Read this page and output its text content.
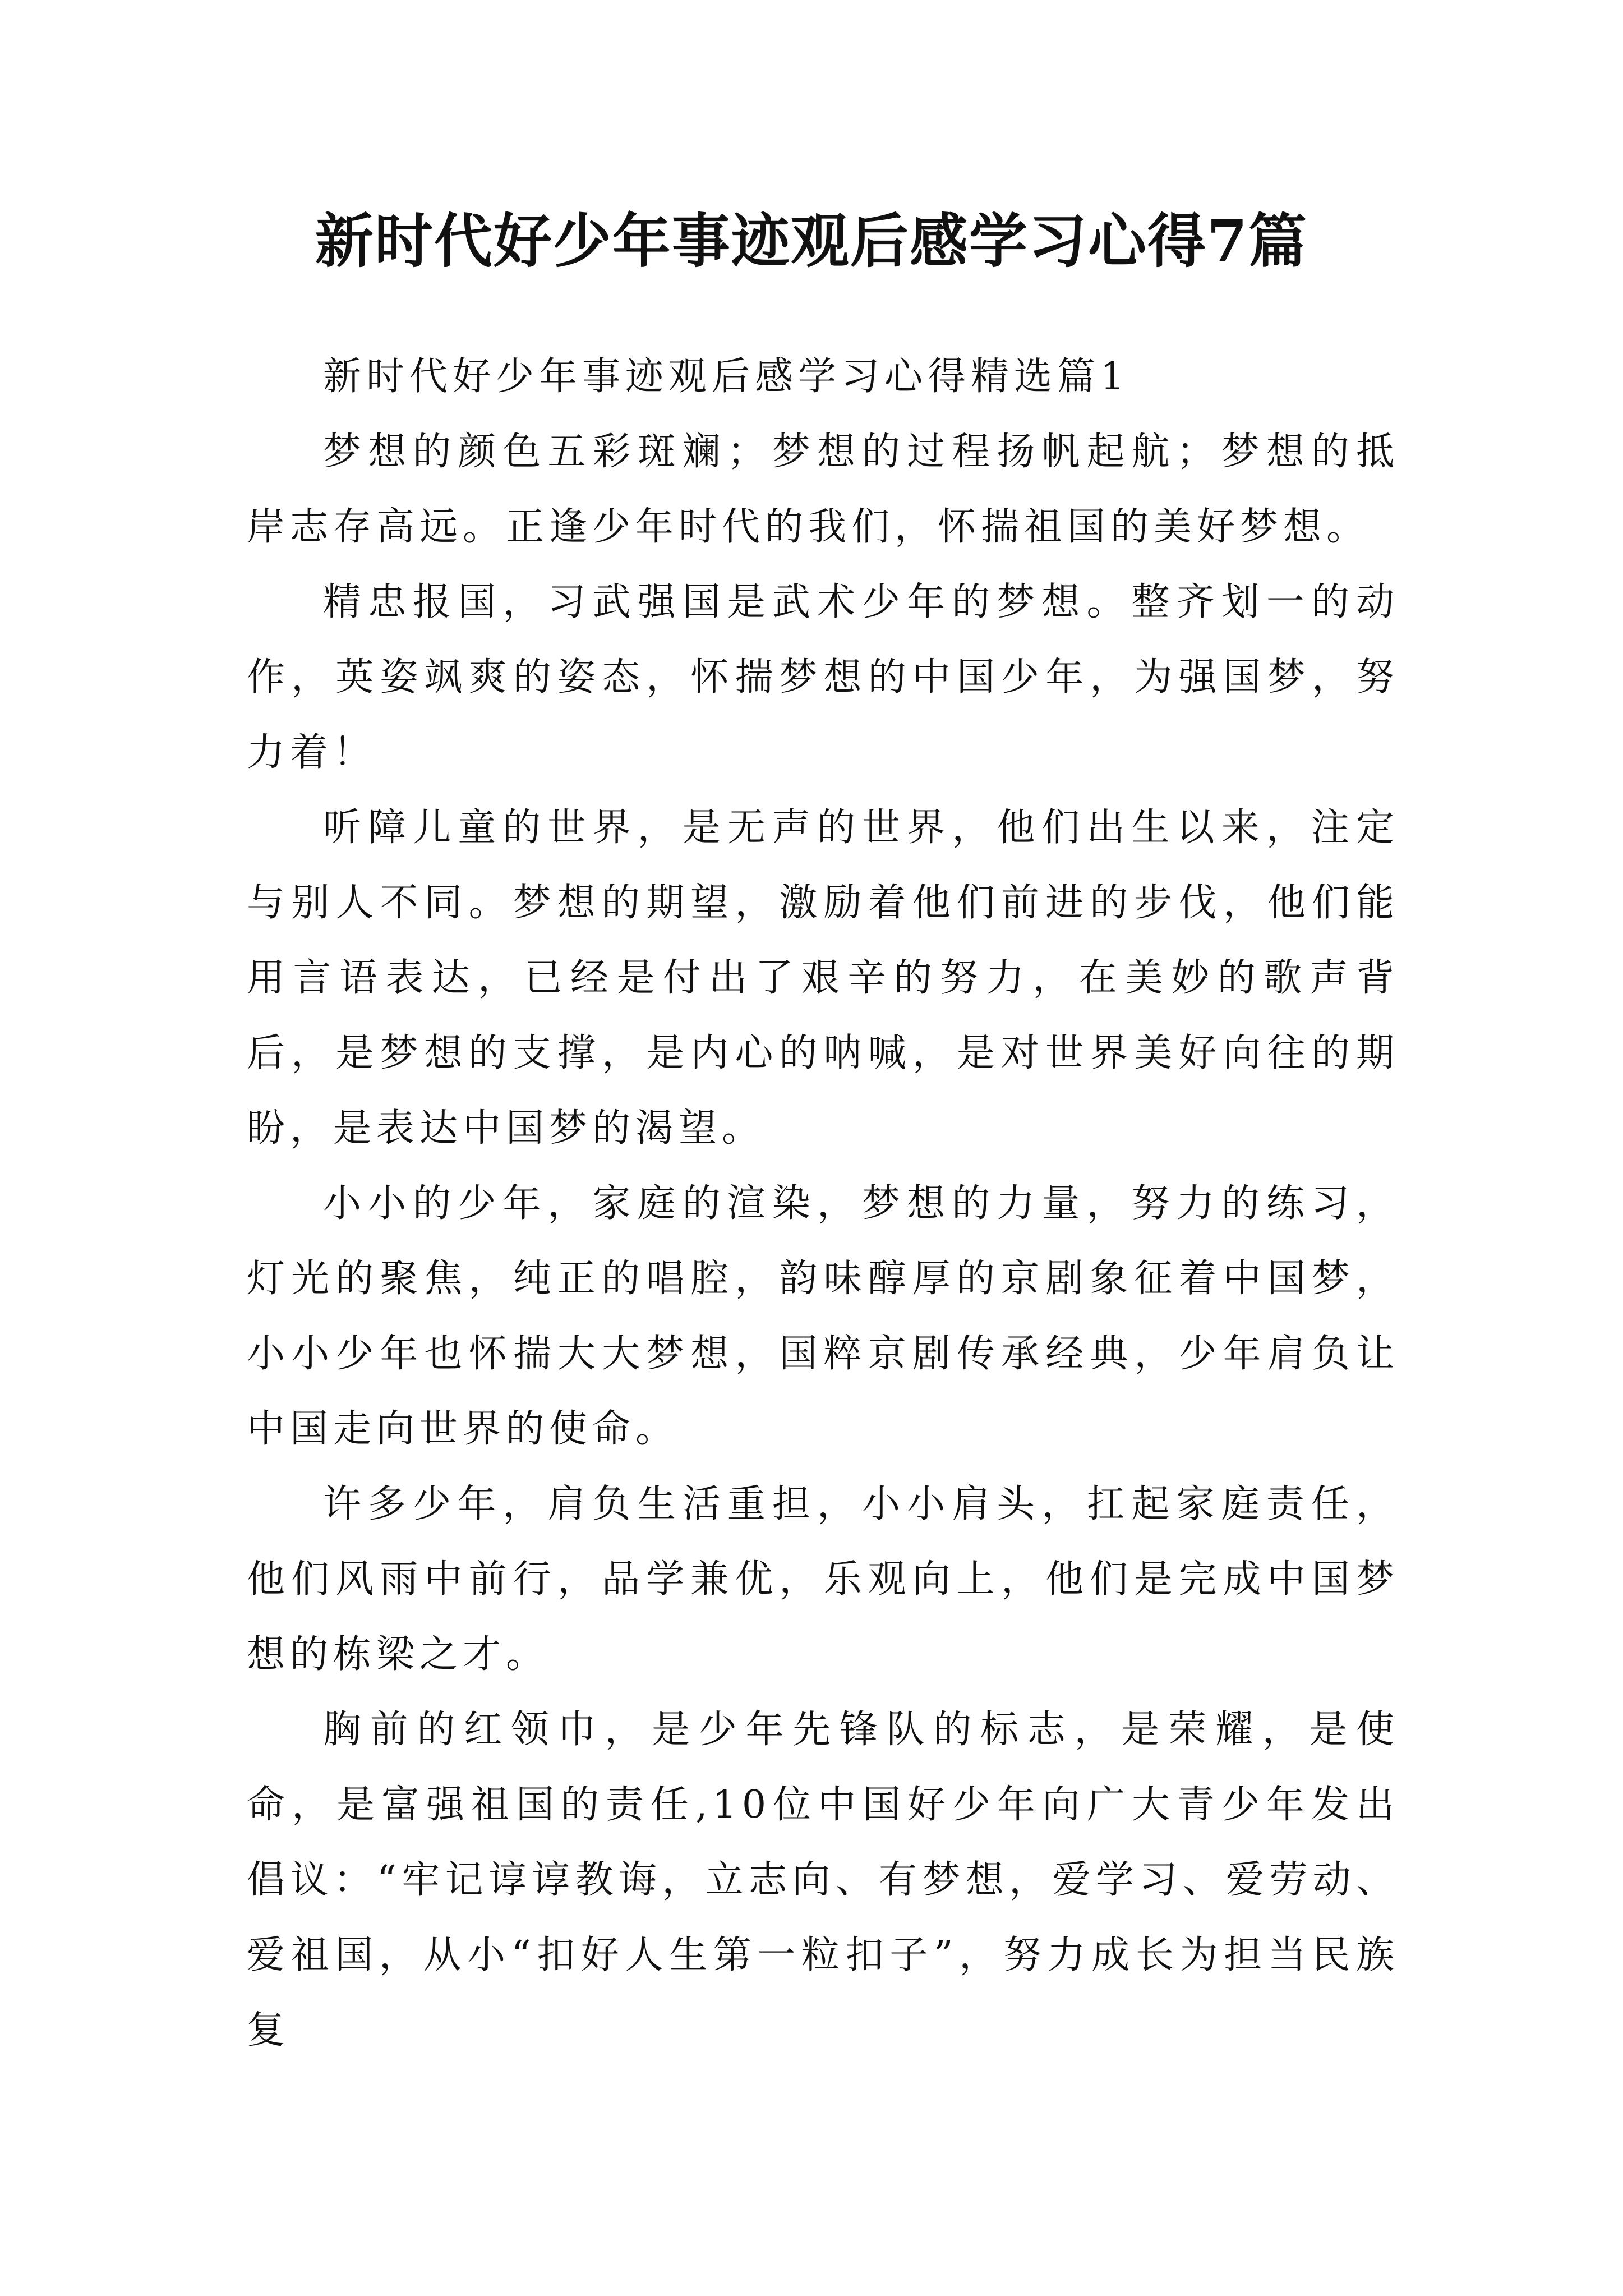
新时代好少年事迹观后感学习心得7篇

新时代好少年事迹观后感学习心得精选篇1

梦想的颜色五彩斑斓；梦想的过程扬帆起航；梦想的抵岸志存高远。正逢少年时代的我们，怀揣祖国的美好梦想。

精忠报国，习武强国是武术少年的梦想。整齐划一的动作，英姿飒爽的姿态，怀揣梦想的中国少年，为强国梦，努力着！

听障儿童的世界，是无声的世界，他们出生以来，注定与别人不同。梦想的期望，激励着他们前进的步伐，他们能用言语表达，已经是付出了艰辛的努力，在美妙的歌声背后，是梦想的支撑，是内心的呐喊，是对世界美好向往的期盼，是表达中国梦的渴望。

小小的少年，家庭的渲染，梦想的力量，努力的练习，灯光的聚焦，纯正的唱腔，韵味醇厚的京剧象征着中国梦，小小少年也怀揣大大梦想，国粹京剧传承经典，少年肩负让中国走向世界的使命。

许多少年，肩负生活重担，小小肩头，扛起家庭责任，他们风雨中前行，品学兼优，乐观向上，他们是完成中国梦想的栋梁之才。

胸前的红领巾，是少年先锋队的标志，是荣耀，是使命，是富强祖国的责任,10位中国好少年向广大青少年发出倡议：“牢记谆谆教诲，立志向、有梦想，爱学习、爱劳动、爱祖国，从小“扣好人生第一粒扣子”，努力成长为担当民族复
